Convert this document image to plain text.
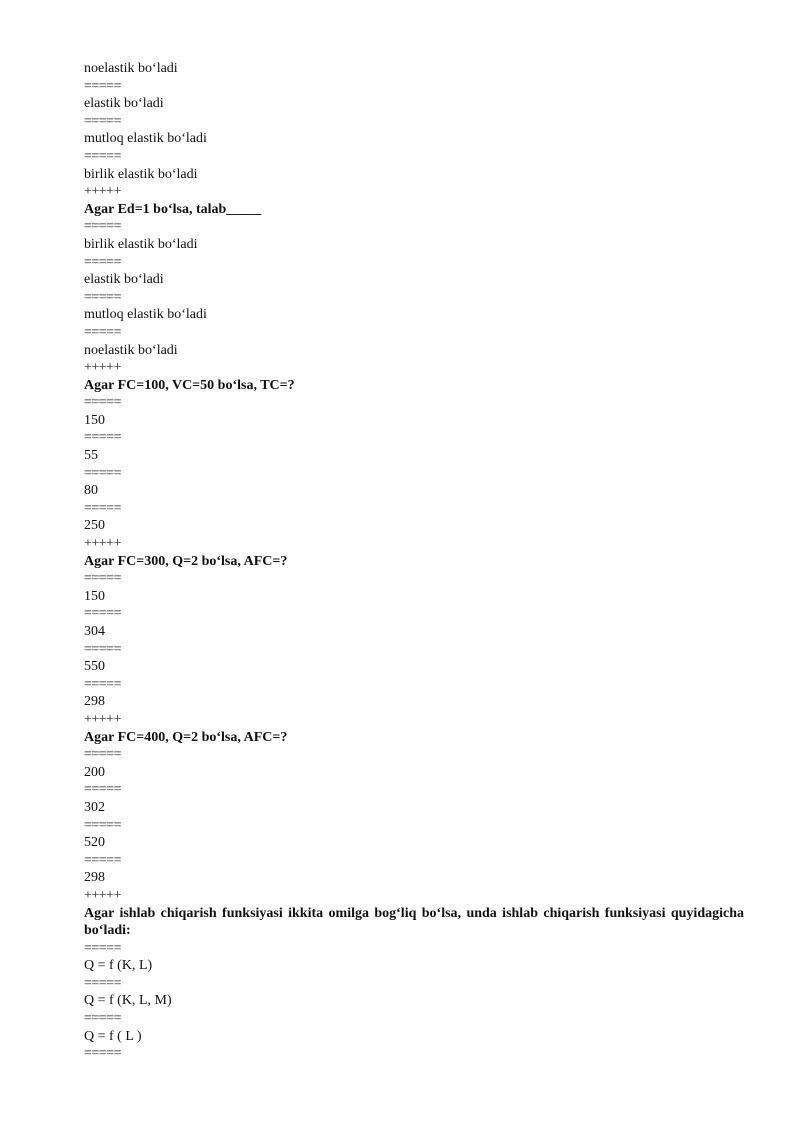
noelastik bo‘ladi
=====
elastik bo‘ladi
=====
mutloq elastik bo‘ladi
=====
birlik elastik bo‘ladi
+++++
Agar Ed=1 bo‘lsa, talab_____
=====
birlik elastik bo‘ladi
=====
elastik bo‘ladi
=====
mutloq elastik bo‘ladi
=====
noelastik bo‘ladi
+++++
Agar FC=100, VC=50 bo‘lsa, TC=?
=====
150
=====
55
=====
80
=====
250
+++++
Agar FC=300, Q=2 bo‘lsa, AFC=?
=====
150
=====
304
=====
550
=====
298
+++++
Agar FC=400, Q=2 bo‘lsa, AFC=?
=====
200
=====
302
=====
520
=====
298
+++++
Agar ishlab chiqarish funksiyasi ikkita omilga bog‘liq bo‘lsa, unda ishlab chiqarish funksiyasi quyidagicha bo‘ladi:
=====
Q = f (K, L)
=====
Q = f (K, L, M)
=====
Q = f ( L )
=====
